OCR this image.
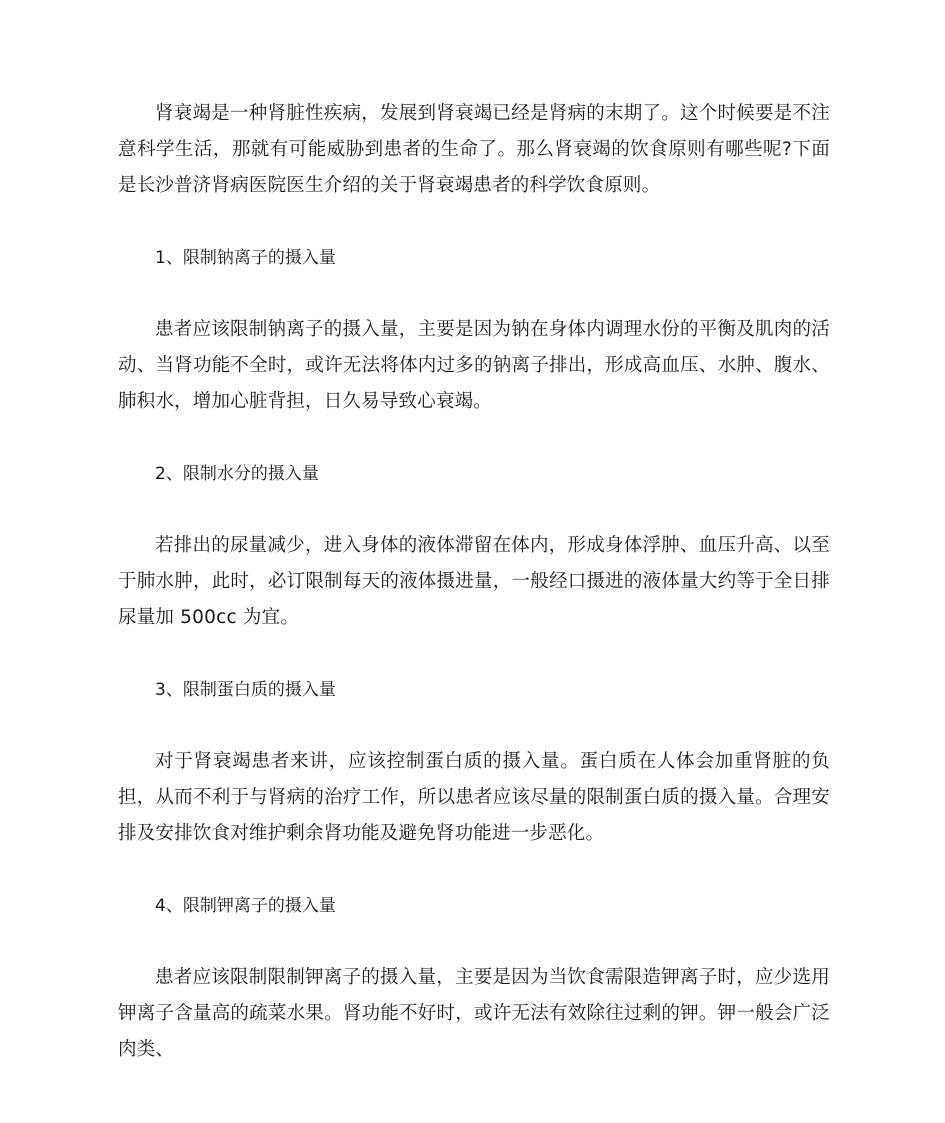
肾衰竭是一种肾脏性疾病，发展到肾衰竭已经是肾病的末期了。这个时候要是不注意科学生活，那就有可能威胁到患者的生命了。那么肾衰竭的饮食原则有哪些呢?下面是长沙普济肾病医院医生介绍的关于肾衰竭患者的科学饮食原则。

1、限制钠离子的摄入量

患者应该限制钠离子的摄入量，主要是因为钠在身体内调理水份的平衡及肌肉的活动、当肾功能不全时，或许无法将体内过多的钠离子排出，形成高血压、水肿、腹水、肺积水，增加心脏背担，日久易导致心衰竭。

2、限制水分的摄入量

若排出的尿量减少，进入身体的液体滞留在体内，形成身体浮肿、血压升高、以至于肺水肿，此时，必订限制每天的液体摄进量，一般经口摄进的液体量大约等于全日排尿量加 500cc 为宜。

3、限制蛋白质的摄入量

对于肾衰竭患者来讲，应该控制蛋白质的摄入量。蛋白质在人体会加重肾脏的负担，从而不利于与肾病的治疗工作，所以患者应该尽量的限制蛋白质的摄入量。合理安排及安排饮食对维护剩余肾功能及避免肾功能进一步恶化。

4、限制钾离子的摄入量

患者应该限制限制钾离子的摄入量，主要是因为当饮食需限造钾离子时，应少选用钾离子含量高的疏菜水果。肾功能不好时，或许无法有效除往过剩的钾。钾一般会广泛肉类、
